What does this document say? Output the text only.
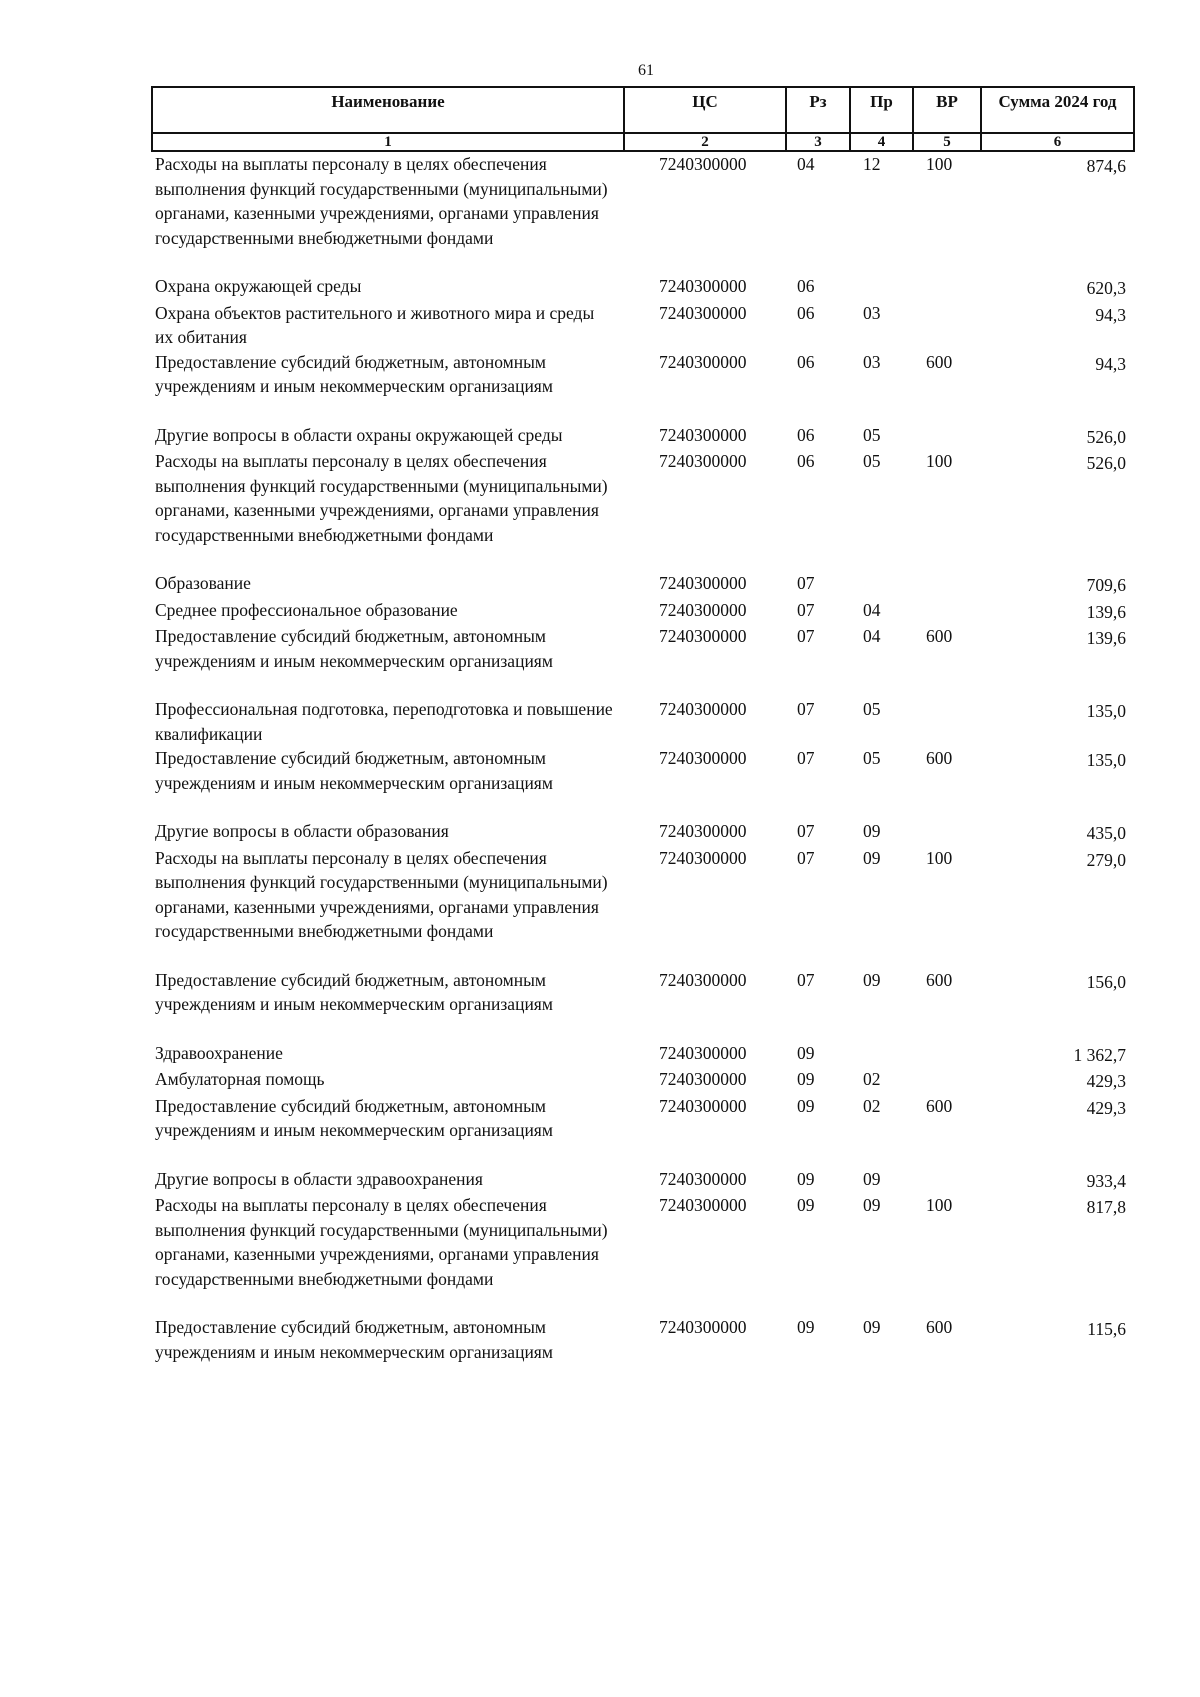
61
Наименование	ЦС	Рз	Пр	ВР	Сумма 2024 год
1	2	3	4	5	6
Расходы на выплаты персоналу в целях обеспечения выполнения функций государственными (муниципальными) органами, казенными учреждениями, органами управления государственными внебюджетными фондами	7240300000	04	12	100	874,6
Охрана окружающей среды	7240300000	06			620,3
Охрана объектов растительного и животного мира и среды их обитания	7240300000	06	03		94,3
Предоставление субсидий бюджетным, автономным учреждениям и иным некоммерческим организациям	7240300000	06	03	600	94,3
Другие вопросы в области охраны окружающей среды	7240300000	06	05		526,0
Расходы на выплаты персоналу в целях обеспечения выполнения функций государственными (муниципальными) органами, казенными учреждениями, органами управления государственными внебюджетными фондами	7240300000	06	05	100	526,0
Образование	7240300000	07			709,6
Среднее профессиональное образование	7240300000	07	04		139,6
Предоставление субсидий бюджетным, автономным учреждениям и иным некоммерческим организациям	7240300000	07	04	600	139,6
Профессиональная подготовка, переподготовка и повышение квалификации	7240300000	07	05		135,0
Предоставление субсидий бюджетным, автономным учреждениям и иным некоммерческим организациям	7240300000	07	05	600	135,0
Другие вопросы в области образования	7240300000	07	09		435,0
Расходы на выплаты персоналу в целях обеспечения выполнения функций государственными (муниципальными) органами, казенными учреждениями, органами управления государственными внебюджетными фондами	7240300000	07	09	100	279,0
Предоставление субсидий бюджетным, автономным учреждениям и иным некоммерческим организациям	7240300000	07	09	600	156,0
Здравоохранение	7240300000	09			1 362,7
Амбулаторная помощь	7240300000	09	02		429,3
Предоставление субсидий бюджетным, автономным учреждениям и иным некоммерческим организациям	7240300000	09	02	600	429,3
Другие вопросы в области здравоохранения	7240300000	09	09		933,4
Расходы на выплаты персоналу в целях обеспечения выполнения функций государственными (муниципальными) органами, казенными учреждениями, органами управления государственными внебюджетными фондами	7240300000	09	09	100	817,8
Предоставление субсидий бюджетным, автономным учреждениям и иным некоммерческим организациям	7240300000	09	09	600	115,6
